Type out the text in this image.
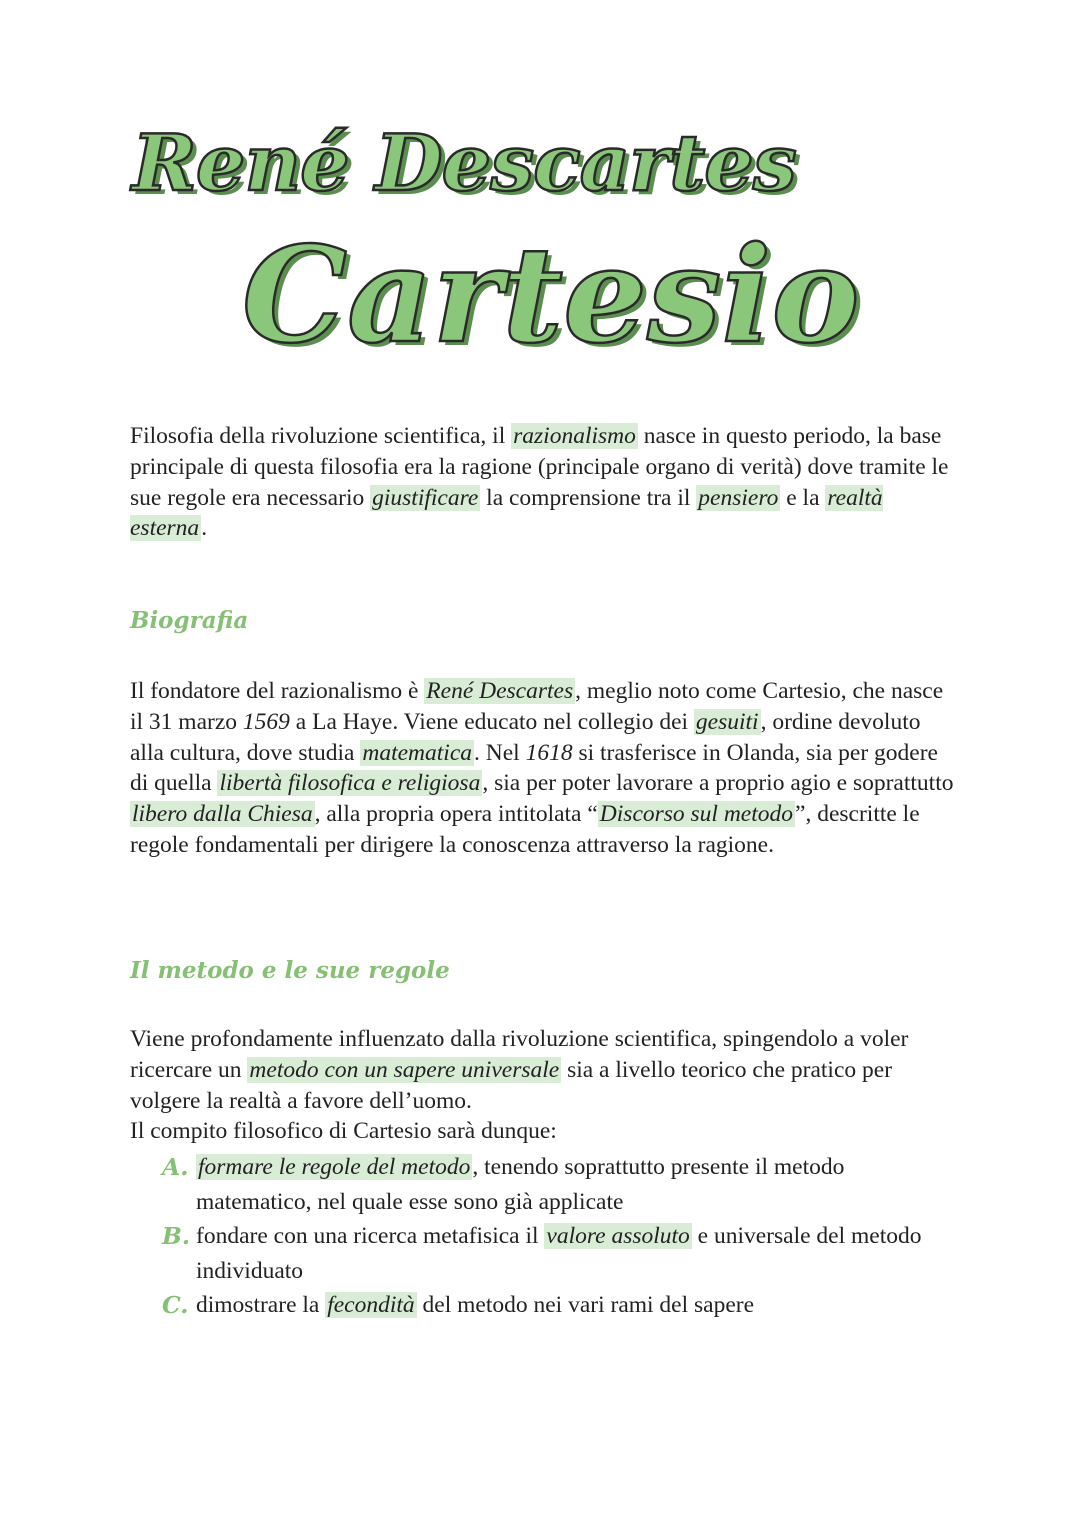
René Descartes
Cartesio

Filosofia della rivoluzione scientifica, il razionalismo nasce in questo periodo, la base principale di questa filosofia era la ragione (principale organo di verità) dove tramite le sue regole era necessario giustificare la comprensione tra il pensiero e la realtà esterna.

Biografia

Il fondatore del razionalismo è René Descartes, meglio noto come Cartesio, che nasce il 31 marzo 1569 a La Haye. Viene educato nel collegio dei gesuiti, ordine devoluto alla cultura, dove studia matematica. Nel 1618 si trasferisce in Olanda, sia per godere di quella libertà filosofica e religiosa, sia per poter lavorare a proprio agio e soprattutto libero dalla Chiesa, alla propria opera intitolata “Discorso sul metodo”, descritte le regole fondamentali per dirigere la conoscenza attraverso la ragione.

Il metodo e le sue regole

Viene profondamente influenzato dalla rivoluzione scientifica, spingendolo a voler ricercare un metodo con un sapere universale sia a livello teorico che pratico per volgere la realtà a favore dell’uomo.
Il compito filosofico di Cartesio sarà dunque:

A. formare le regole del metodo, tenendo soprattutto presente il metodo matematico, nel quale esse sono già applicate
B. fondare con una ricerca metafisica il valore assoluto e universale del metodo individuato
C. dimostrare la fecondità del metodo nei vari rami del sapere
